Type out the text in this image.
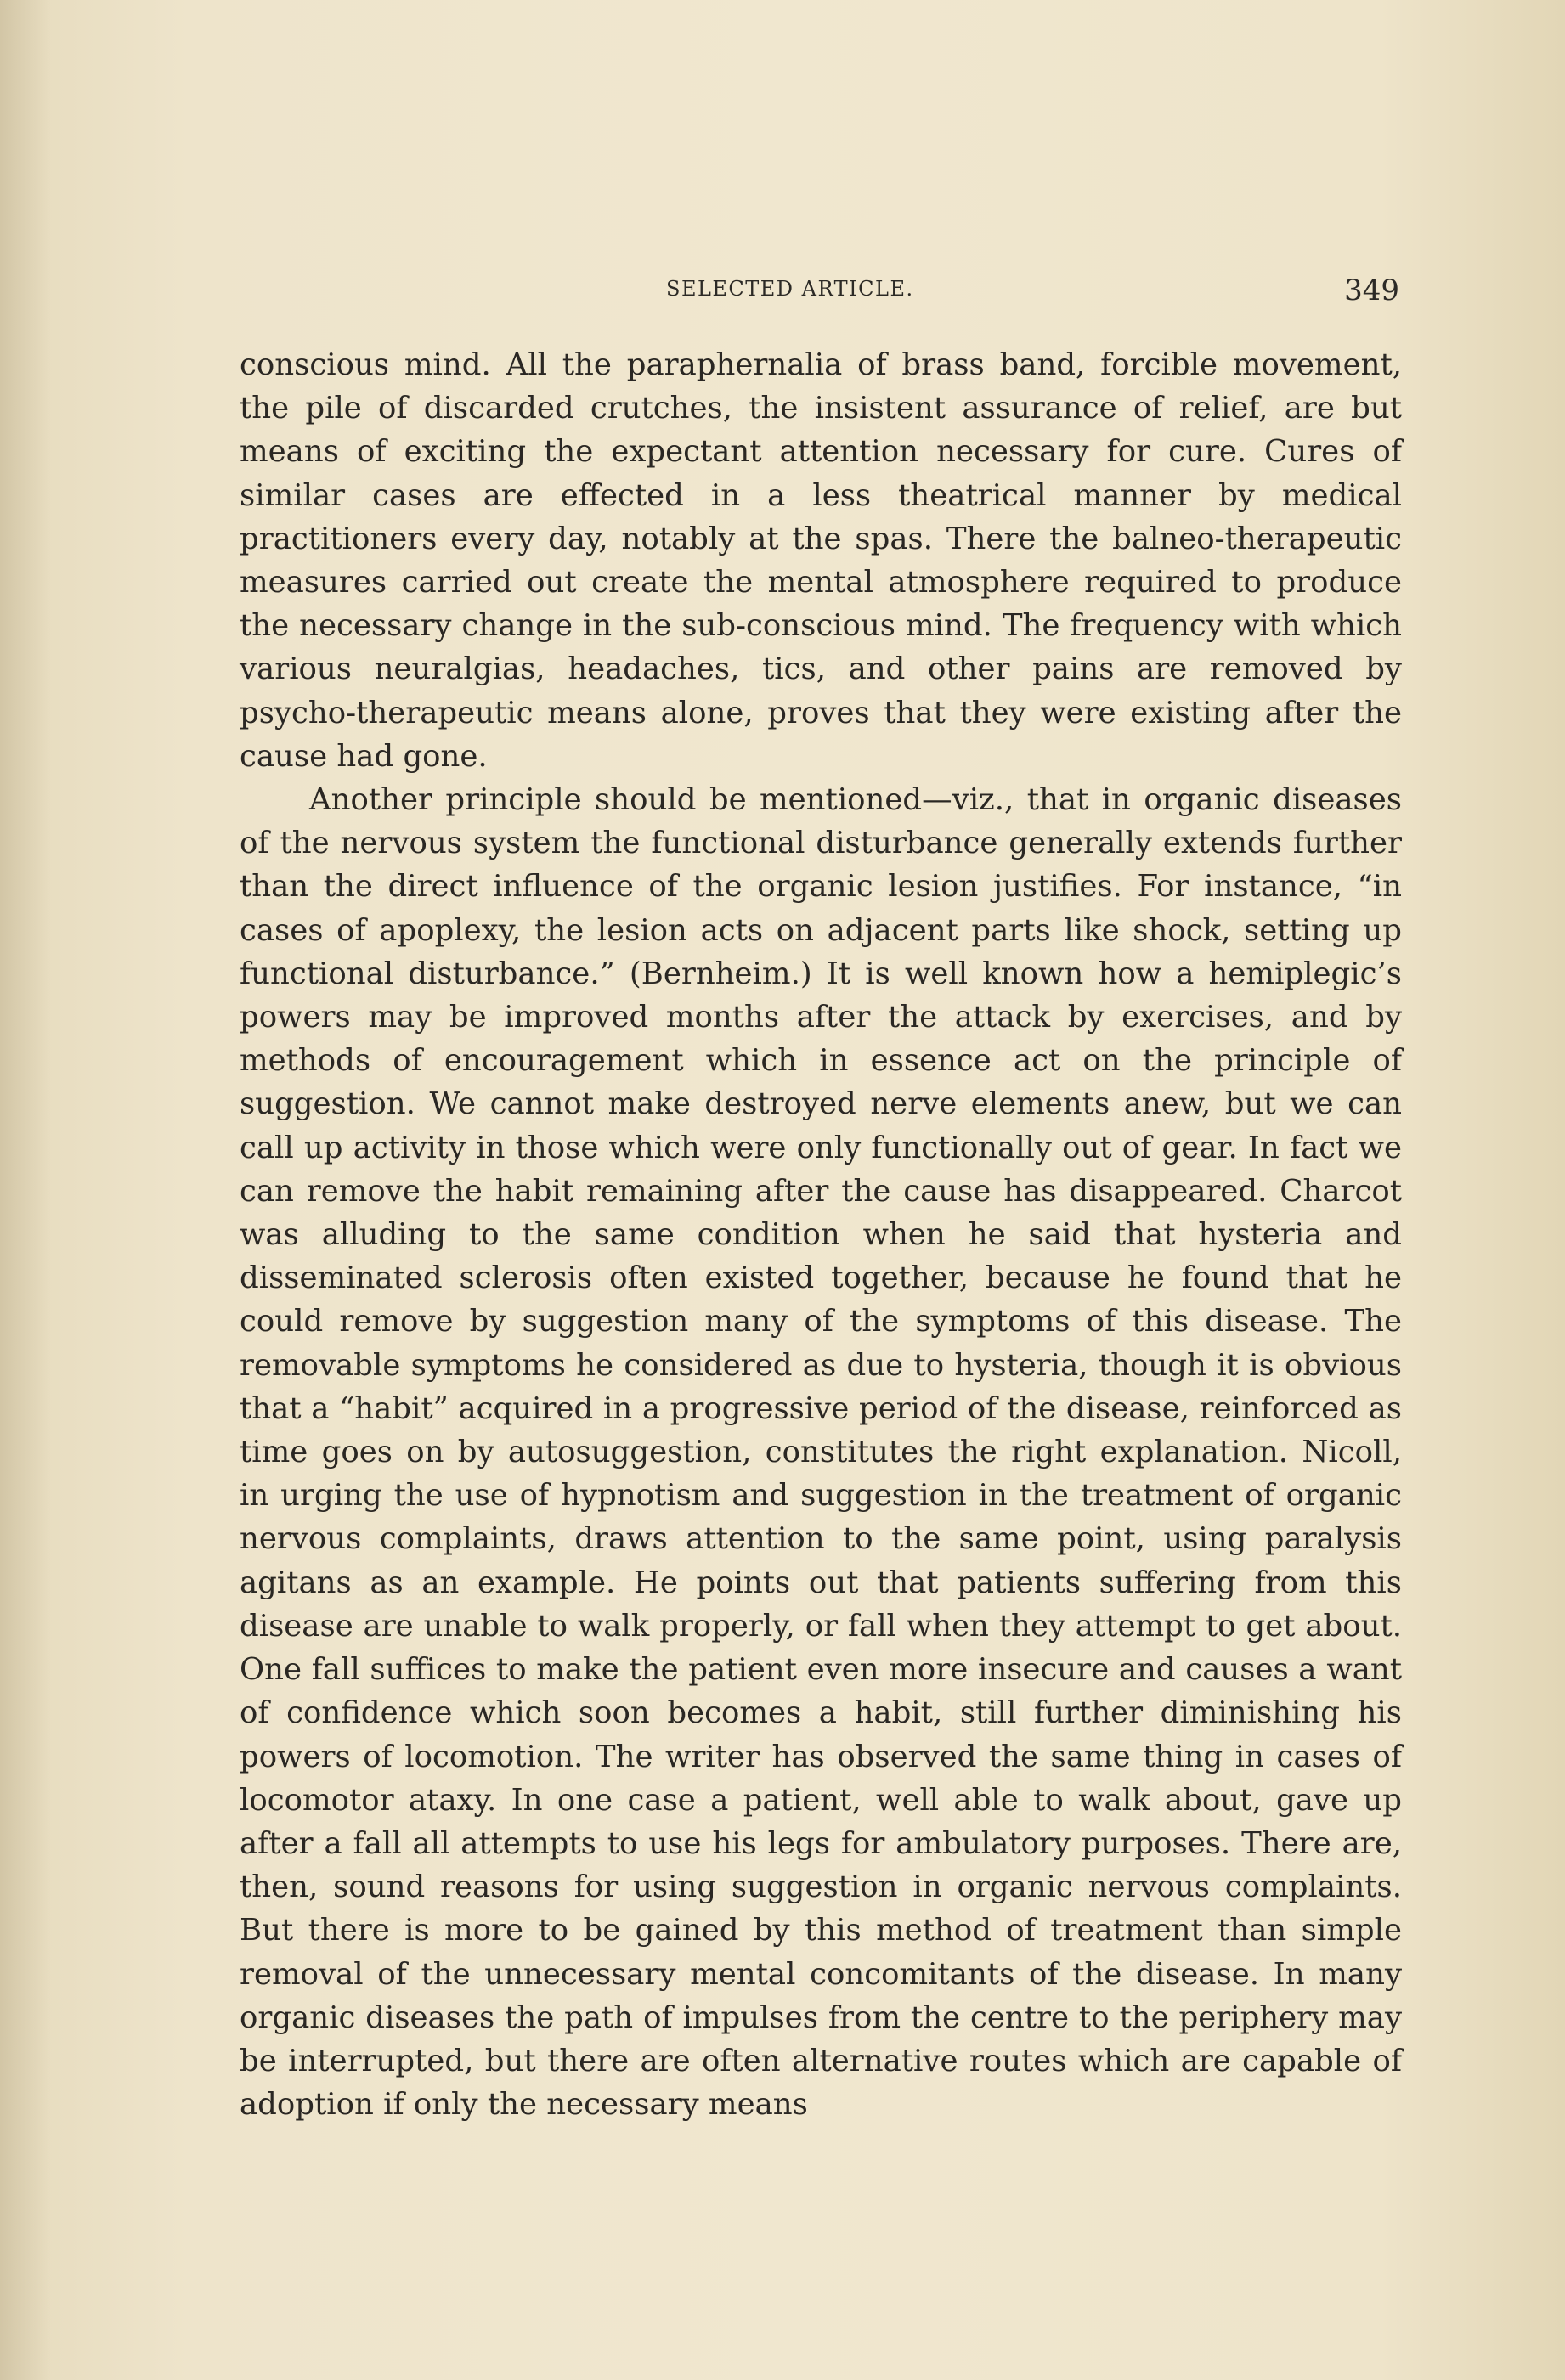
SELECTED ARTICLE.	349

conscious mind. All the paraphernalia of brass band, forcible movement, the pile of discarded crutches, the insistent assurance of relief, are but means of exciting the expectant attention necessary for cure. Cures of similar cases are effected in a less theatrical manner by medical practitioners every day, notably at the spas. There the balneo-therapeutic measures carried out create the mental atmosphere required to produce the necessary change in the sub-conscious mind. The frequency with which various neuralgias, headaches, tics, and other pains are removed by psycho-therapeutic means alone, proves that they were existing after the cause had gone.

Another principle should be mentioned—viz., that in organic diseases of the nervous system the functional disturbance generally extends further than the direct influence of the organic lesion justifies. For instance, “in cases of apoplexy, the lesion acts on adjacent parts like shock, setting up functional disturbance.” (Bernheim.) It is well known how a hemiplegic’s powers may be improved months after the attack by exercises, and by methods of encouragement which in essence act on the principle of suggestion. We cannot make destroyed nerve elements anew, but we can call up activity in those which were only functionally out of gear. In fact we can remove the habit remaining after the cause has disappeared. Charcot was alluding to the same condition when he said that hysteria and disseminated sclerosis often existed together, because he found that he could remove by suggestion many of the symptoms of this disease. The removable symptoms he considered as due to hysteria, though it is obvious that a “habit” acquired in a progressive period of the disease, reinforced as time goes on by autosuggestion, constitutes the right explanation. Nicoll, in urging the use of hypnotism and suggestion in the treatment of organic nervous complaints, draws attention to the same point, using paralysis agitans as an example. He points out that patients suffering from this disease are unable to walk properly, or fall when they attempt to get about. One fall suffices to make the patient even more insecure and causes a want of confidence which soon becomes a habit, still further diminishing his powers of locomotion. The writer has observed the same thing in cases of locomotor ataxy. In one case a patient, well able to walk about, gave up after a fall all attempts to use his legs for ambulatory purposes. There are, then, sound reasons for using suggestion in organic nervous complaints. But there is more to be gained by this method of treatment than simple removal of the unnecessary mental concomitants of the disease. In many organic diseases the path of impulses from the centre to the periphery may be interrupted, but there are often alternative routes which are capable of adoption if only the necessary means
